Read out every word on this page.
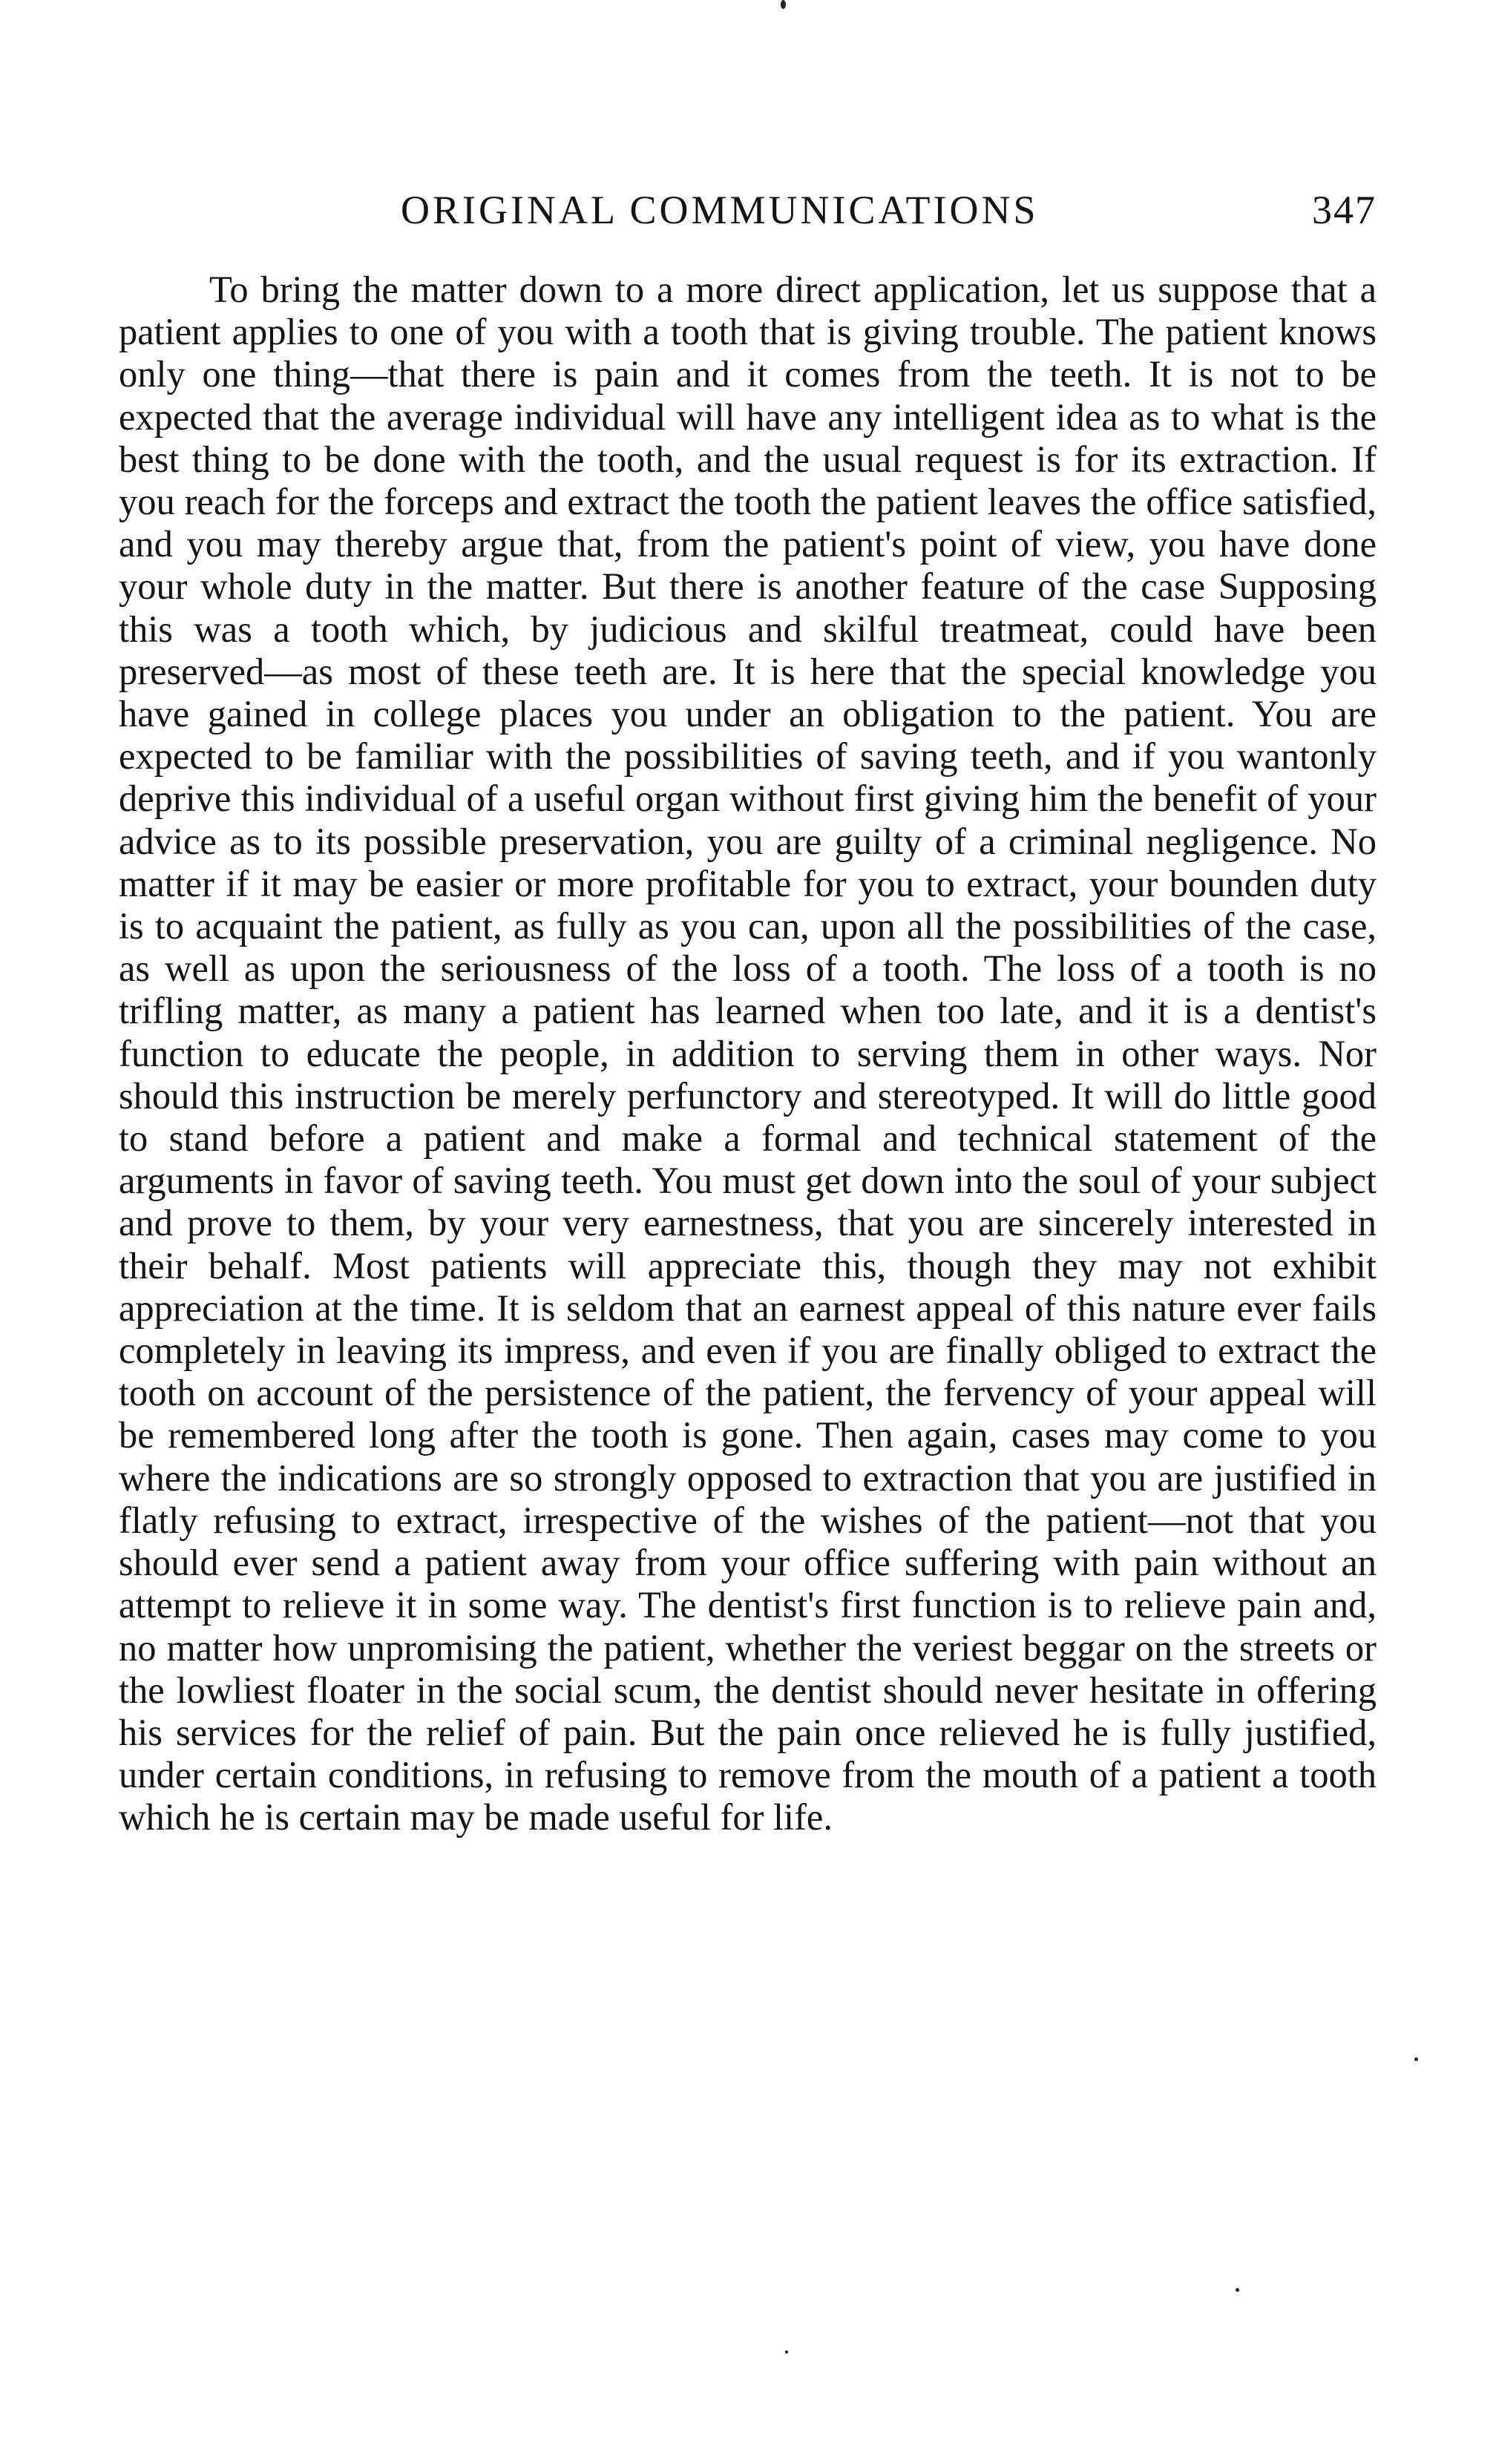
ORIGINAL COMMUNICATIONS	347

To bring the matter down to a more direct application, let us suppose that a patient applies to one of you with a tooth that is giving trouble. The patient knows only one thing—that there is pain and it comes from the teeth. It is not to be expected that the average individual will have any intelligent idea as to what is the best thing to be done with the tooth, and the usual request is for its extraction. If you reach for the forceps and extract the tooth the patient leaves the office satisfied, and you may thereby argue that, from the patient's point of view, you have done your whole duty in the matter. But there is another feature of the case Supposing this was a tooth which, by judicious and skilful treatmeat, could have been preserved—as most of these teeth are. It is here that the special knowledge you have gained in college places you under an obligation to the patient. You are expected to be familiar with the possibilities of saving teeth, and if you wantonly deprive this individual of a useful organ without first giving him the benefit of your advice as to its possible preservation, you are guilty of a criminal negligence. No matter if it may be easier or more profitable for you to extract, your bounden duty is to acquaint the patient, as fully as you can, upon all the possibilities of the case, as well as upon the seriousness of the loss of a tooth. The loss of a tooth is no trifling matter, as many a patient has learned when too late, and it is a dentist's function to educate the people, in addition to serving them in other ways. Nor should this instruction be merely perfunctory and stereotyped. It will do little good to stand before a patient and make a formal and technical statement of the arguments in favor of saving teeth. You must get down into the soul of your subject and prove to them, by your very earnestness, that you are sincerely interested in their behalf. Most patients will appreciate this, though they may not exhibit appreciation at the time. It is seldom that an earnest appeal of this nature ever fails completely in leaving its impress, and even if you are finally obliged to extract the tooth on account of the persistence of the patient, the fervency of your appeal will be remembered long after the tooth is gone. Then again, cases may come to you where the indications are so strongly opposed to extraction that you are justified in flatly refusing to extract, irrespective of the wishes of the patient—not that you should ever send a patient away from your office suffering with pain without an attempt to relieve it in some way. The dentist's first function is to relieve pain and, no matter how unpromising the patient, whether the veriest beggar on the streets or the lowliest floater in the social scum, the dentist should never hesitate in offering his services for the relief of pain. But the pain once relieved he is fully justified, under certain conditions, in refusing to remove from the mouth of a patient a tooth which he is certain may be made useful for life.
